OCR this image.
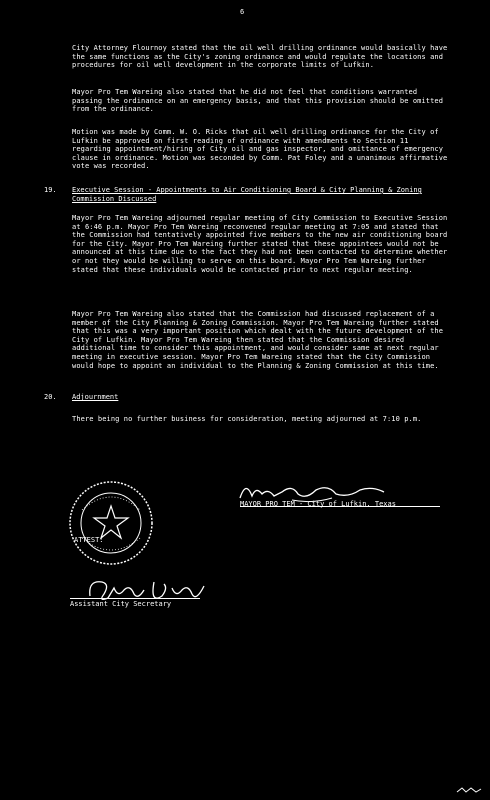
6
City Attorney Flournoy stated that the oil well drilling ordinance would basically have the same functions as the City's zoning ordinance and would regulate the locations and procedures for oil well development in the corporate limits of Lufkin.
Mayor Pro Tem Wareing also stated that he did not feel that conditions warranted passing the ordinance on an emergency basis, and that this provision should be omitted from the ordinance.
Motion was made by Comm. W. O. Ricks that oil well drilling ordinance for the City of Lufkin be approved on first reading of ordinance with amendments to Section 11 regarding appointment/hiring of City oil and gas inspector, and omittance of emergency clause in ordinance. Motion was seconded by Comm. Pat Foley and a unanimous affirmative vote was recorded.
19. Executive Session - Appointments to Air Conditioning Board & City Planning & Zoning Commission Discussed
Mayor Pro Tem Wareing adjourned regular meeting of City Commission to Executive Session at 6:46 p.m. Mayor Pro Tem Wareing reconvened regular meeting at 7:05 and stated that the Commission had tentatively appointed five members to the new air conditioning board for the City. Mayor Pro Tem Wareing further stated that these appointees would not be announced at this time due to the fact they had not been contacted to determine whether or not they would be willing to serve on this board. Mayor Pro Tem Wareing further stated that these individuals would be contacted prior to next regular meeting.
Mayor Pro Tem Wareing also stated that the Commission had discussed replacement of a member of the City Planning & Zoning Commission. Mayor Pro Tem Wareing further stated that this was a very important position which dealt with the future development of the City of Lufkin. Mayor Pro Tem Wareing then stated that the Commission desired additional time to consider this appointment, and would consider same at next regular meeting in executive session. Mayor Pro Tem Wareing stated that the City Commission would hope to appoint an individual to the Planning & Zoning Commission at this time.
20. Adjournment
There being no further business for consideration, meeting adjourned at 7:10 p.m.
ATTEST:
MAYOR PRO TEM - City of Lufkin, Texas
Assistant City Secretary
